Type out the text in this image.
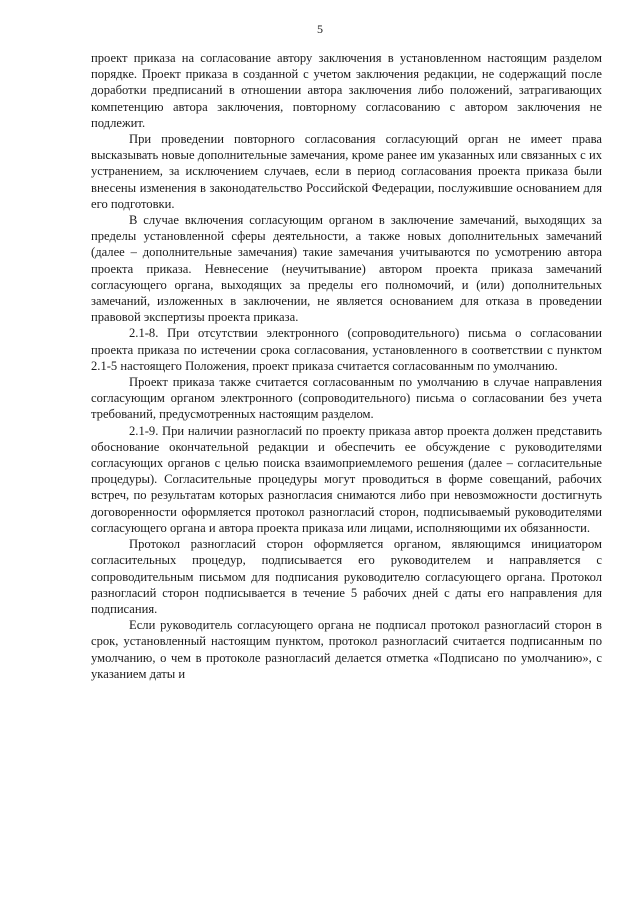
5

проект приказа на согласование автору заключения в установленном настоящим разделом порядке. Проект приказа в созданной с учетом заключения редакции, не содержащий после доработки предписаний в отношении автора заключения либо положений, затрагивающих компетенцию автора заключения, повторному согласованию с автором заключения не подлежит.

При проведении повторного согласования согласующий орган не имеет права высказывать новые дополнительные замечания, кроме ранее им указанных или связанных с их устранением, за исключением случаев, если в период согласования проекта приказа были внесены изменения в законодательство Российской Федерации, послужившие основанием для его подготовки.

В случае включения согласующим органом в заключение замечаний, выходящих за пределы установленной сферы деятельности, а также новых дополнительных замечаний (далее – дополнительные замечания) такие замечания учитываются по усмотрению автора проекта приказа. Невнесение (неучитывание) автором проекта приказа замечаний согласующего органа, выходящих за пределы его полномочий, и (или) дополнительных замечаний, изложенных в заключении, не является основанием для отказа в проведении правовой экспертизы проекта приказа.

2.1-8. При отсутствии электронного (сопроводительного) письма о согласовании проекта приказа по истечении срока согласования, установленного в соответствии с пунктом 2.1-5 настоящего Положения, проект приказа считается согласованным по умолчанию.

Проект приказа также считается согласованным по умолчанию в случае направления согласующим органом электронного (сопроводительного) письма о согласовании без учета требований, предусмотренных настоящим разделом.

2.1-9. При наличии разногласий по проекту приказа автор проекта должен представить обоснование окончательной редакции и обеспечить ее обсуждение с руководителями согласующих органов с целью поиска взаимоприемлемого решения (далее – согласительные процедуры). Согласительные процедуры могут проводиться в форме совещаний, рабочих встреч, по результатам которых разногласия снимаются либо при невозможности достигнуть договоренности оформляется протокол разногласий сторон, подписываемый руководителями согласующего органа и автора проекта приказа или лицами, исполняющими их обязанности.

Протокол разногласий сторон оформляется органом, являющимся инициатором согласительных процедур, подписывается его руководителем и направляется с сопроводительным письмом для подписания руководителю согласующего органа. Протокол разногласий сторон подписывается в течение 5 рабочих дней с даты его направления для подписания.

Если руководитель согласующего органа не подписал протокол разногласий сторон в срок, установленный настоящим пунктом, протокол разногласий считается подписанным по умолчанию, о чем в протоколе разногласий делается отметка «Подписано по умолчанию», с указанием даты и
